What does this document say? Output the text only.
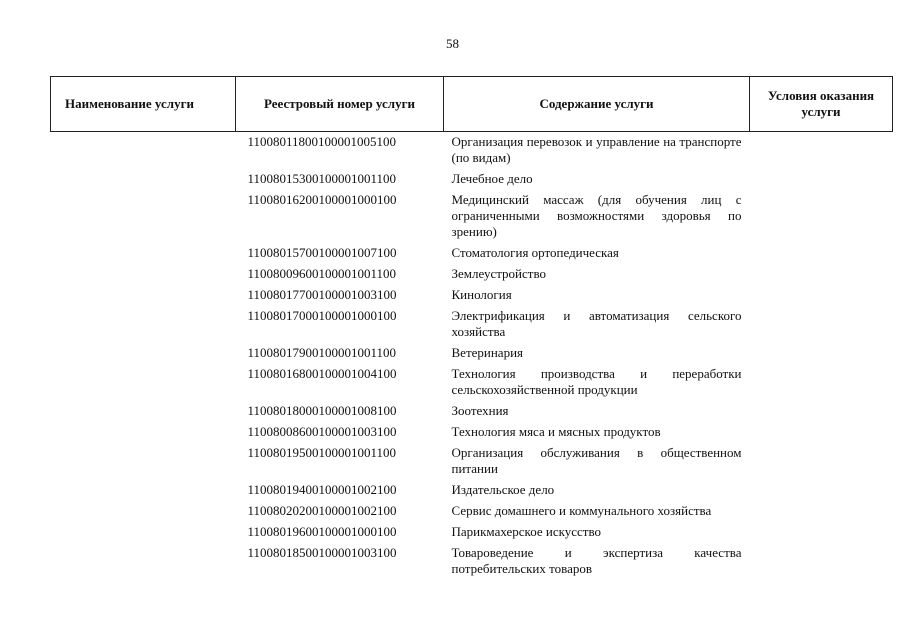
58
Наименование услуги	Реестровый номер услуги	Содержание услуги	Условия оказания услуги
	11008011800100001005100	Организация перевозок и управление на транспорте (по видам)	
	11008015300100001001100	Лечебное дело	
	11008016200100001000100	Медицинский массаж (для обучения лиц с ограниченными возможностями здоровья по зрению)	
	11008015700100001007100	Стоматология ортопедическая	
	11008009600100001001100	Землеустройство	
	11008017700100001003100	Кинология	
	11008017000100001000100	Электрификация и автоматизация сельского хозяйства	
	11008017900100001001100	Ветеринария	
	11008016800100001004100	Технология производства и переработки сельскохозяйственной продукции	
	11008018000100001008100	Зоотехния	
	11008008600100001003100	Технология мяса и мясных продуктов	
	11008019500100001001100	Организация обслуживания в общественном питании	
	11008019400100001002100	Издательское дело	
	11008020200100001002100	Сервис домашнего и коммунального хозяйства	
	11008019600100001000100	Парикмахерское искусство	
	11008018500100001003100	Товароведение и экспертиза качества потребительских товаров	
